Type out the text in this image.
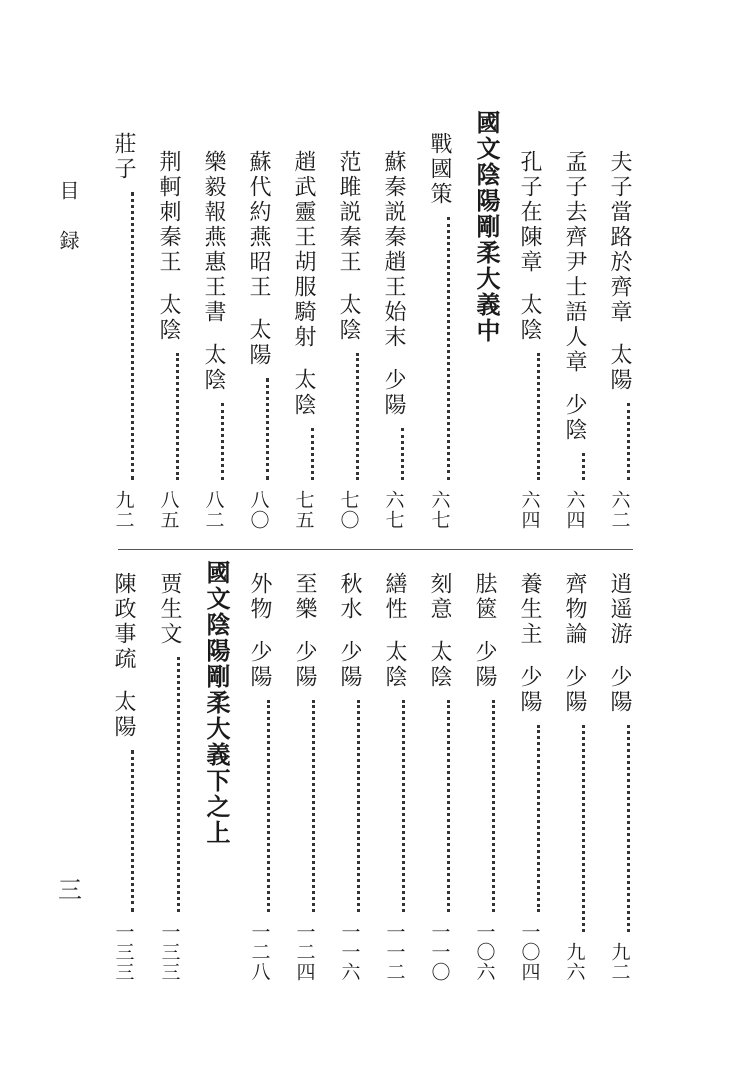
目録
三
夫子當路於齊章
太陽
六二
孟子去齊尹士語人章
少陰
六四
孔子在陳章
太陰
六四
國文陰陽剛柔大義中
戰國策
六七
蘇秦説秦趙王始末
少陽
六七
范雎説秦王
太陰
七〇
趙武靈王胡服騎射
太陰
七五
蘇代約燕昭王
太陽
八〇
樂毅報燕惠王書
太陰
八二
荆軻刺秦王
太陰
八五
莊子
九二
逍遥游
少陽
九二
齊物論
少陽
九六
養生主
少陽
一〇四
胠篋
少陽
一〇六
刻意
太陰
一一〇
繕性
太陰
一一二
秋水
少陽
一一六
至樂
少陽
一二四
外物
少陽
一二八
國文陰陽剛柔大義下之上
贾生文
一三三
陳政事疏
太陽
一三三
